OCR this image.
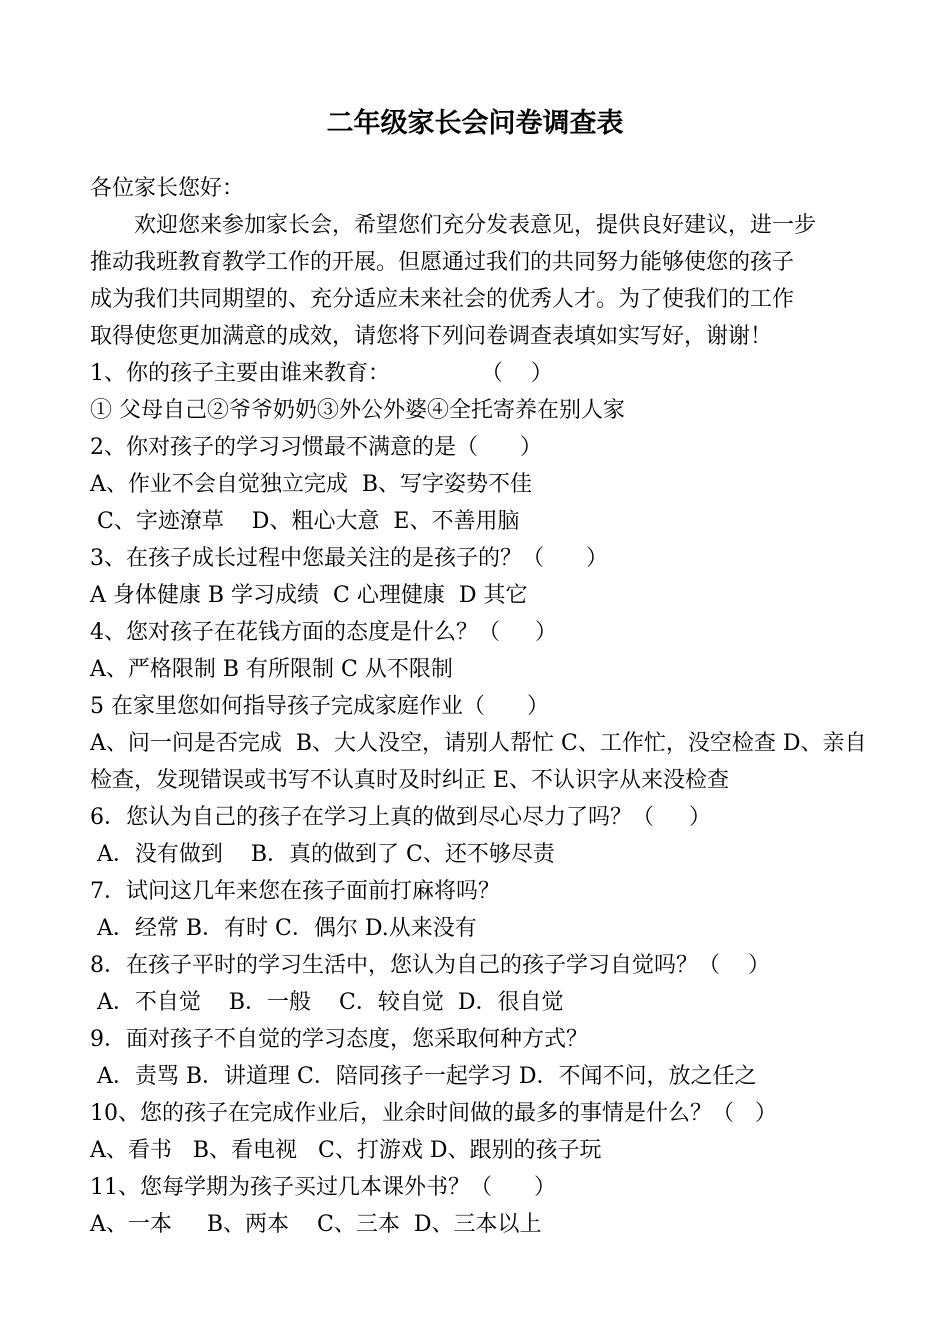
二年级家长会问卷调查表
各位家长您好：
欢迎您来参加家长会，希望您们充分发表意见，提供良好建议，进一步
推动我班教育教学工作的开展。但愿通过我们的共同努力能够使您的孩子
成为我们共同期望的、充分适应未来社会的优秀人才。为了使我们的工作
取得使您更加满意的成效，请您将下列问卷调查表填如实写好，谢谢！
1、你的孩子主要由谁来教育：             （    ）
① 父母自己②爷爷奶奶③外公外婆④全托寄养在别人家
2、你对孩子的学习习惯最不满意的是（      ）
A、作业不会自觉独立完成  B、写字姿势不佳
C、字迹潦草    D、粗心大意  E、不善用脑
3、在孩子成长过程中您最关注的是孩子的？（      ）
A 身体健康 B 学习成绩  C 心理健康  D 其它
4、您对孩子在花钱方面的态度是什么？（     ）
A、严格限制 B 有所限制 C 从不限制
5 在家里您如何指导孩子完成家庭作业（      ）
A、问一问是否完成  B、大人没空，请别人帮忙 C、工作忙，没空检查 D、亲自
检查，发现错误或书写不认真时及时纠正 E、不认识字从来没检查
6．您认为自己的孩子在学习上真的做到尽心尽力了吗？（     ）
A．没有做到    B．真的做到了 C、还不够尽责
7．试问这几年来您在孩子面前打麻将吗？
A．经常 B．有时 C．偶尔 D.从来没有
8．在孩子平时的学习生活中，您认为自己的孩子学习自觉吗？（    ）
A．不自觉    B．一般    C．较自觉  D．很自觉
9．面对孩子不自觉的学习态度，您采取何种方式？
A．责骂 B．讲道理 C．陪同孩子一起学习 D．不闻不问，放之任之
10、您的孩子在完成作业后，业余时间做的最多的事情是什么？（   ）
A、看书   B、看电视   C、打游戏 D、跟别的孩子玩
11、您每学期为孩子买过几本课外书？（      ）
A、一本     B、两本    C、三本  D、三本以上
